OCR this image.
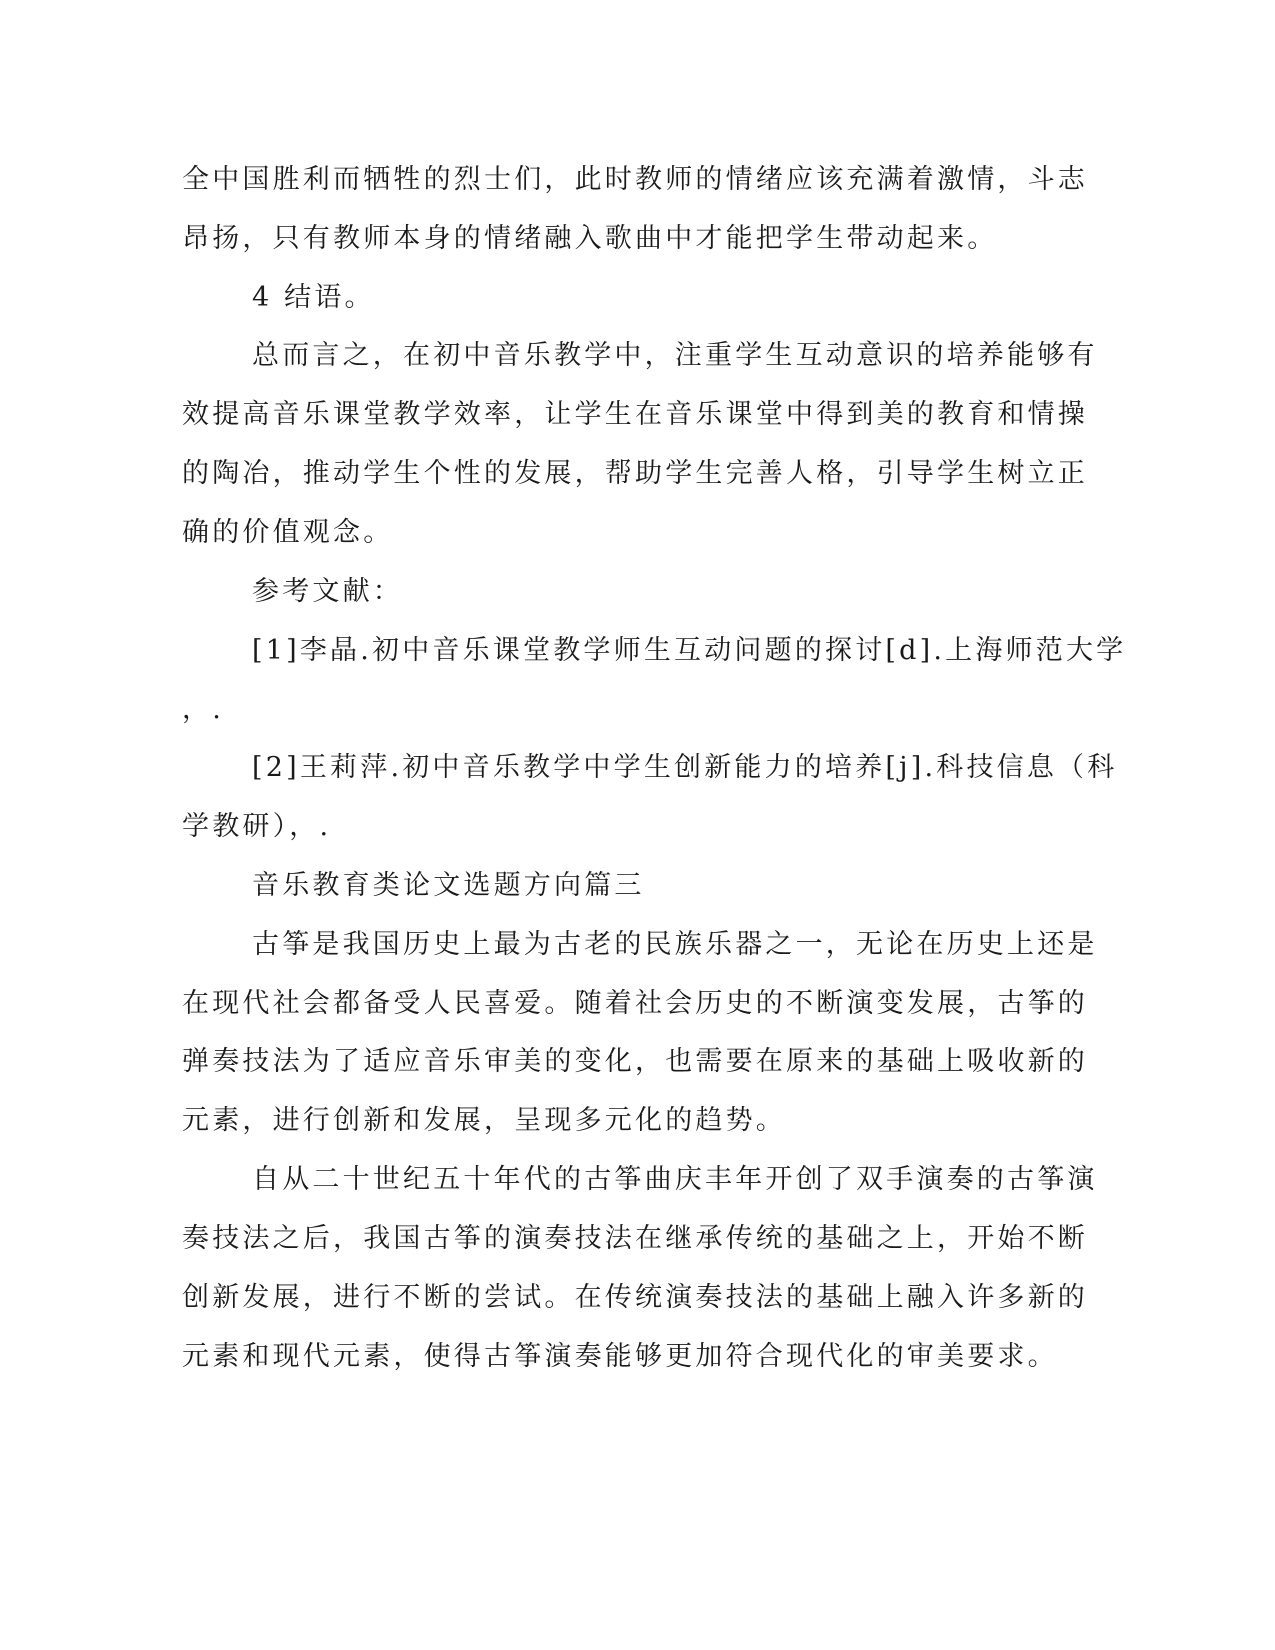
全中国胜利而牺牲的烈士们，此时教师的情绪应该充满着激情，斗志
昂扬，只有教师本身的情绪融入歌曲中才能把学生带动起来。
4 结语。
总而言之，在初中音乐教学中，注重学生互动意识的培养能够有
效提高音乐课堂教学效率，让学生在音乐课堂中得到美的教育和情操
的陶冶，推动学生个性的发展，帮助学生完善人格，引导学生树立正
确的价值观念。
参考文献：
[1]李晶.初中音乐课堂教学师生互动问题的探讨[d].上海师范大学
，.
[2]王莉萍.初中音乐教学中学生创新能力的培养[j].科技信息（科
学教研），.
音乐教育类论文选题方向篇三
古筝是我国历史上最为古老的民族乐器之一，无论在历史上还是
在现代社会都备受人民喜爱。随着社会历史的不断演变发展，古筝的
弹奏技法为了适应音乐审美的变化，也需要在原来的基础上吸收新的
元素，进行创新和发展，呈现多元化的趋势。
自从二十世纪五十年代的古筝曲庆丰年开创了双手演奏的古筝演
奏技法之后，我国古筝的演奏技法在继承传统的基础之上，开始不断
创新发展，进行不断的尝试。在传统演奏技法的基础上融入许多新的
元素和现代元素，使得古筝演奏能够更加符合现代化的审美要求。
